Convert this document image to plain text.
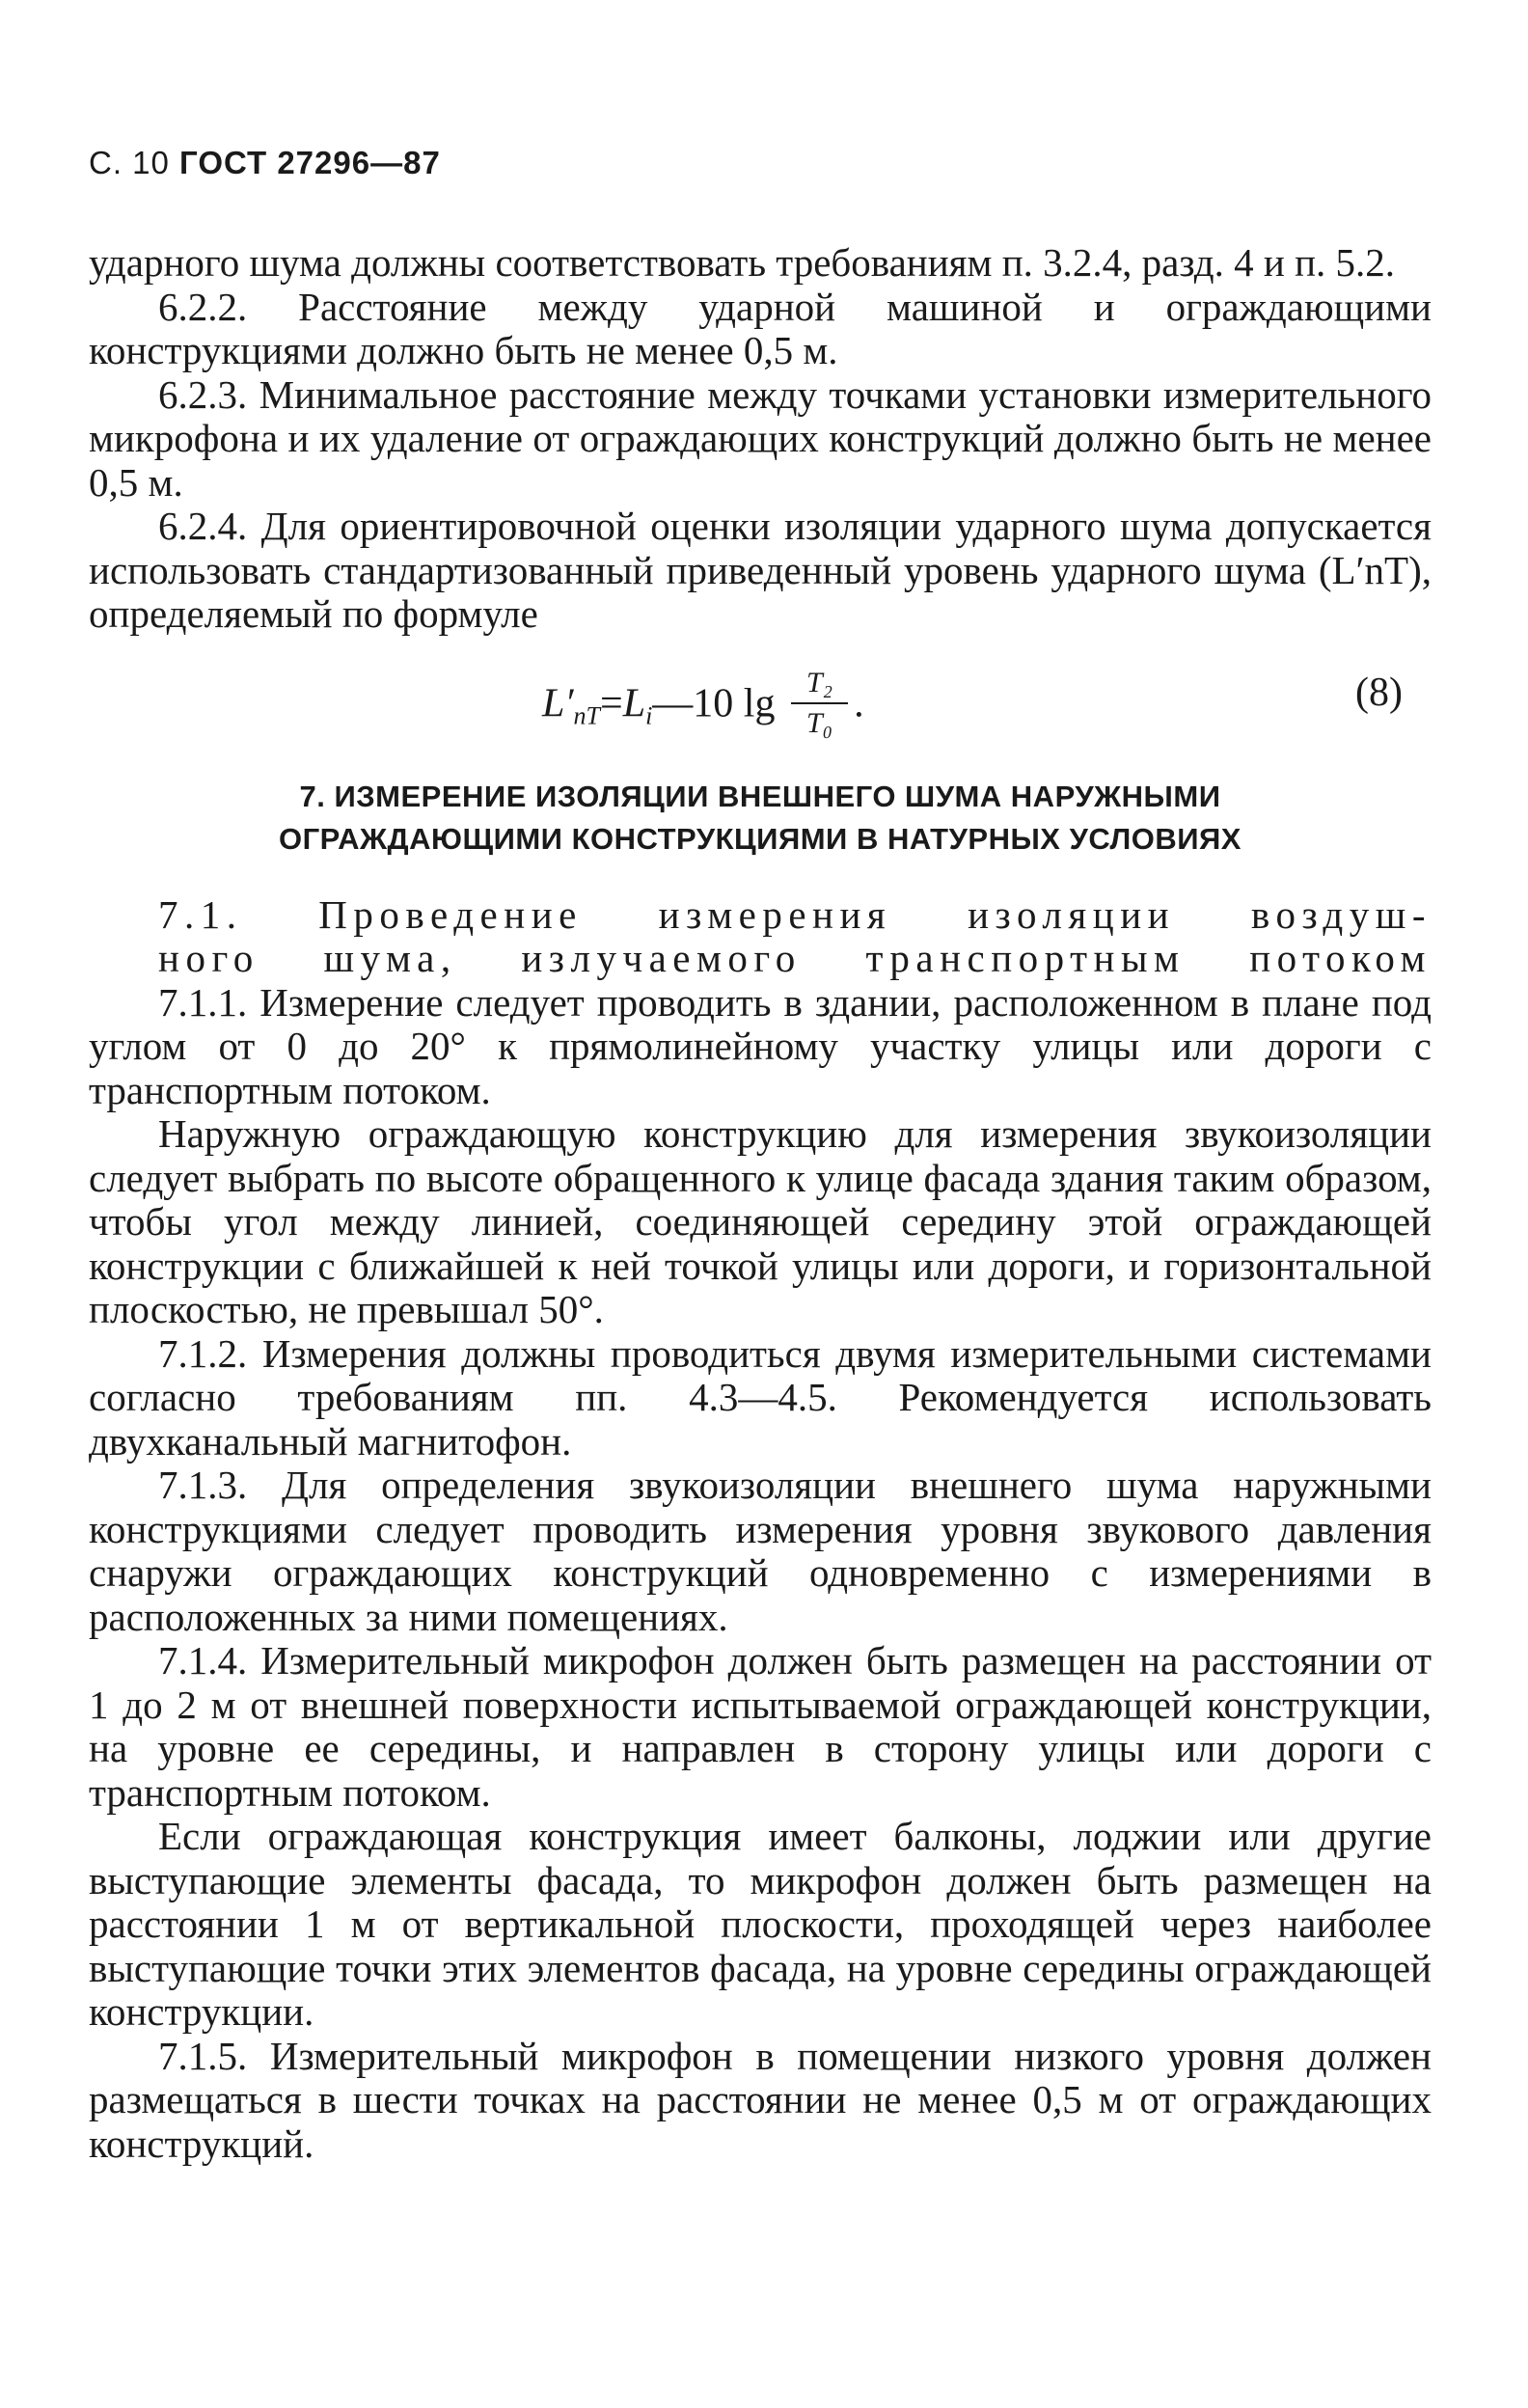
С. 10 ГОСТ 27296—87

ударного шума должны соответствовать требованиям п. 3.2.4, разд. 4 и п. 5.2.

6.2.2. Расстояние между ударной машиной и ограждающими конструкциями должно быть не менее 0,5 м.

6.2.3. Минимальное расстояние между точками установки измерительного микрофона и их удаление от ограждающих конструкций должно быть не менее 0,5 м.

6.2.4. Для ориентировочной оценки изоляции ударного шума допускается использовать стандартизованный приведенный уровень ударного шума (L′nT), определяемый по формуле

$L'_{nT}=L_i—10$ $\lg \frac{\text{T₂}}{\text{T₀}}$ .	(8)
7. ИЗМЕРЕНИЕ ИЗОЛЯЦИИ ВНЕШНЕГО ШУМА НАРУЖНЫМИ
ОГРАЖДАЮЩИМИ КОНСТРУКЦИЯМИ В НАТУРНЫХ УСЛОВИЯХ

7.1. Проведение измерения изоляции воздуш-

ного шума, излучаемого транспортным потоком

7.1.1. Измерение следует проводить в здании, расположенном в плане под углом от 0 до 20° к прямолинейному участку улицы или дороги с транспортным потоком.

Наружную ограждающую конструкцию для измерения звукоизоляции следует выбрать по высоте обращенного к улице фасада здания таким образом, чтобы угол между линией, соединяющей середину этой ограждающей конструкции с ближайшей к ней точкой улицы или дороги, и горизонтальной плоскостью, не превышал 50°.

7.1.2. Измерения должны проводиться двумя измерительными системами согласно требованиям пп. 4.3—4.5. Рекомендуется использовать двухканальный магнитофон.

7.1.3. Для определения звукоизоляции внешнего шума наружными конструкциями следует проводить измерения уровня звукового давления снаружи ограждающих конструкций одновременно с измерениями в расположенных за ними помещениях.

7.1.4. Измерительный микрофон должен быть размещен на расстоянии от 1 до 2 м от внешней поверхности испытываемой ограждающей конструкции, на уровне ее середины, и направлен в сторону улицы или дороги с транспортным потоком.

Если ограждающая конструкция имеет балконы, лоджии или другие выступающие элементы фасада, то микрофон должен быть размещен на расстоянии 1 м от вертикальной плоскости, проходящей через наиболее выступающие точки этих элементов фасада, на уровне середины ограждающей конструкции.

7.1.5. Измерительный микрофон в помещении низкого уровня должен размещаться в шести точках на расстоянии не менее 0,5 м от ограждающих конструкций.
